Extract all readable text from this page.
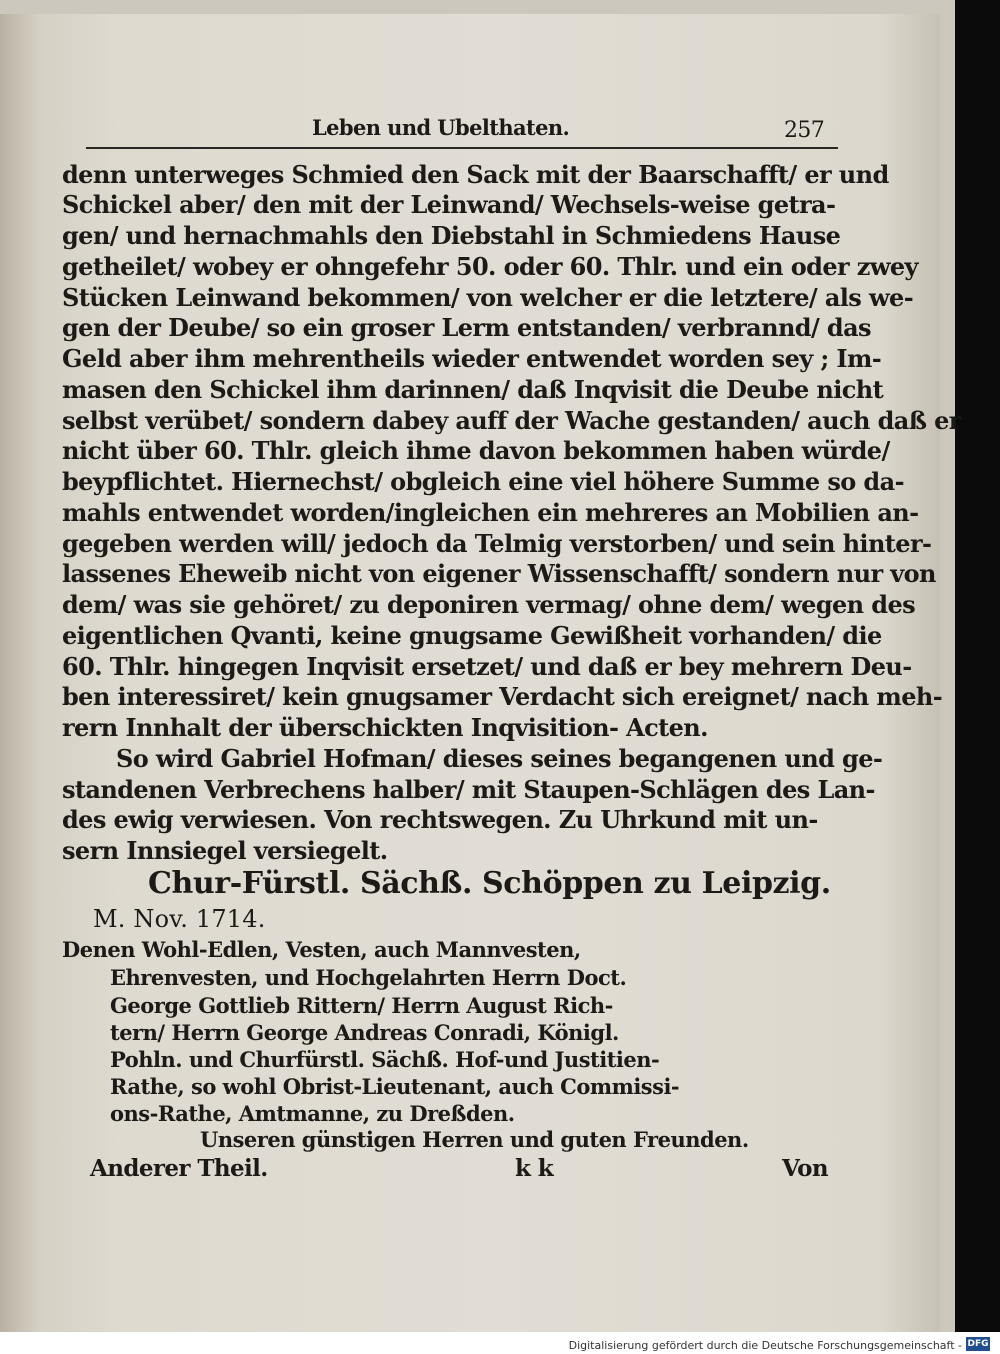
Leben und Ubelthaten.	257
denn unterweges Schmied den Sack mit der Baarschafft/ er und
Schickel aber/ den mit der Leinwand/ Wechsels-weise getra-
gen/ und hernachmahls den Diebstahl in Schmiedens Hause
getheilet/ wobey er ohngefehr 50. oder 60. Thlr. und ein oder zwey
Stücken Leinwand bekommen/ von welcher er die letztere/ als we-
gen der Deube/ so ein groser Lerm entstanden/ verbrannd/ das
Geld aber ihm mehrentheils wieder entwendet worden sey ; Im-
masen den Schickel ihm darinnen/ daß Inqvisit die Deube nicht
selbst verübet/ sondern dabey auff der Wache gestanden/ auch daß er
nicht über 60. Thlr. gleich ihme davon bekommen haben würde/
beypflichtet. Hiernechst/ obgleich eine viel höhere Summe so da-
mahls entwendet worden/ingleichen ein mehreres an Mobilien an-
gegeben werden will/ jedoch da Telmig verstorben/ und sein hinter-
lassenes Eheweib nicht von eigener Wissenschafft/ sondern nur von
dem/ was sie gehöret/ zu deponiren vermag/ ohne dem/ wegen des
eigentlichen Qvanti, keine gnugsame Gewißheit vorhanden/ die
60. Thlr. hingegen Inqvisit ersetzet/ und daß er bey mehrern Deu-
ben interessiret/ kein gnugsamer Verdacht sich ereignet/ nach meh-
rern Innhalt der überschickten Inqvisition- Acten.
So wird Gabriel Hofman/ dieses seines begangenen und ge-
standenen Verbrechens halber/ mit Staupen-Schlägen des Lan-
des ewig verwiesen. Von rechtswegen. Zu Uhrkund mit un-
sern Innsiegel versiegelt.
Chur-Fürstl. Sächß. Schöppen zu Leipzig.
M. Nov. 1714.
Denen Wohl-Edlen, Vesten, auch Mannvesten,
Ehrenvesten, und Hochgelahrten Herrn Doct.
George Gottlieb Rittern/ Herrn August Rich-
tern/ Herrn George Andreas Conradi, Königl.
Pohln. und Churfürstl. Sächß. Hof-und Justitien-
Rathe, so wohl Obrist-Lieutenant, auch Commissi-
ons-Rathe, Amtmanne, zu Dreßden.
Unseren günstigen Herren und guten Freunden.
Anderer Theil.	k k	Von
Digitalisierung gefördert durch die Deutsche Forschungsgemeinschaft - DFG
